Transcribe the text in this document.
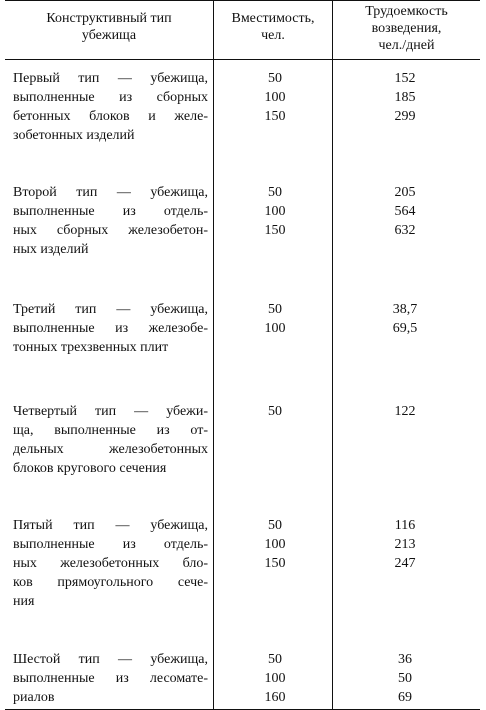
Конструктивный тип
убежища
Вместимость,
чел.
Трудоемкость
возведения,
чел./дней
Первый тип — убежища,
выполненные из сборных
бетонных блоков и желе-
зобетонных изделий
50
100
150
152
185
299
Второй тип — убежища,
выполненные из отдель-
ных сборных железобетон-
ных изделий
50
100
150
205
564
632
Третий тип — убежища,
выполненные из железобе-
тонных трехзвенных плит
50
100
38,7
69,5
Четвертый тип — убежи-
ща, выполненные из от-
дельных железобетонных
блоков кругового сечения
50	122
Пятый тип — убежища,
выполненные из отдель-
ных железобетонных бло-
ков прямоугольного сече-
ния
50
100
150
116
213
247
Шестой тип — убежища,
выполненные из лесомате-
риалов
50
100
160
36
50
69
